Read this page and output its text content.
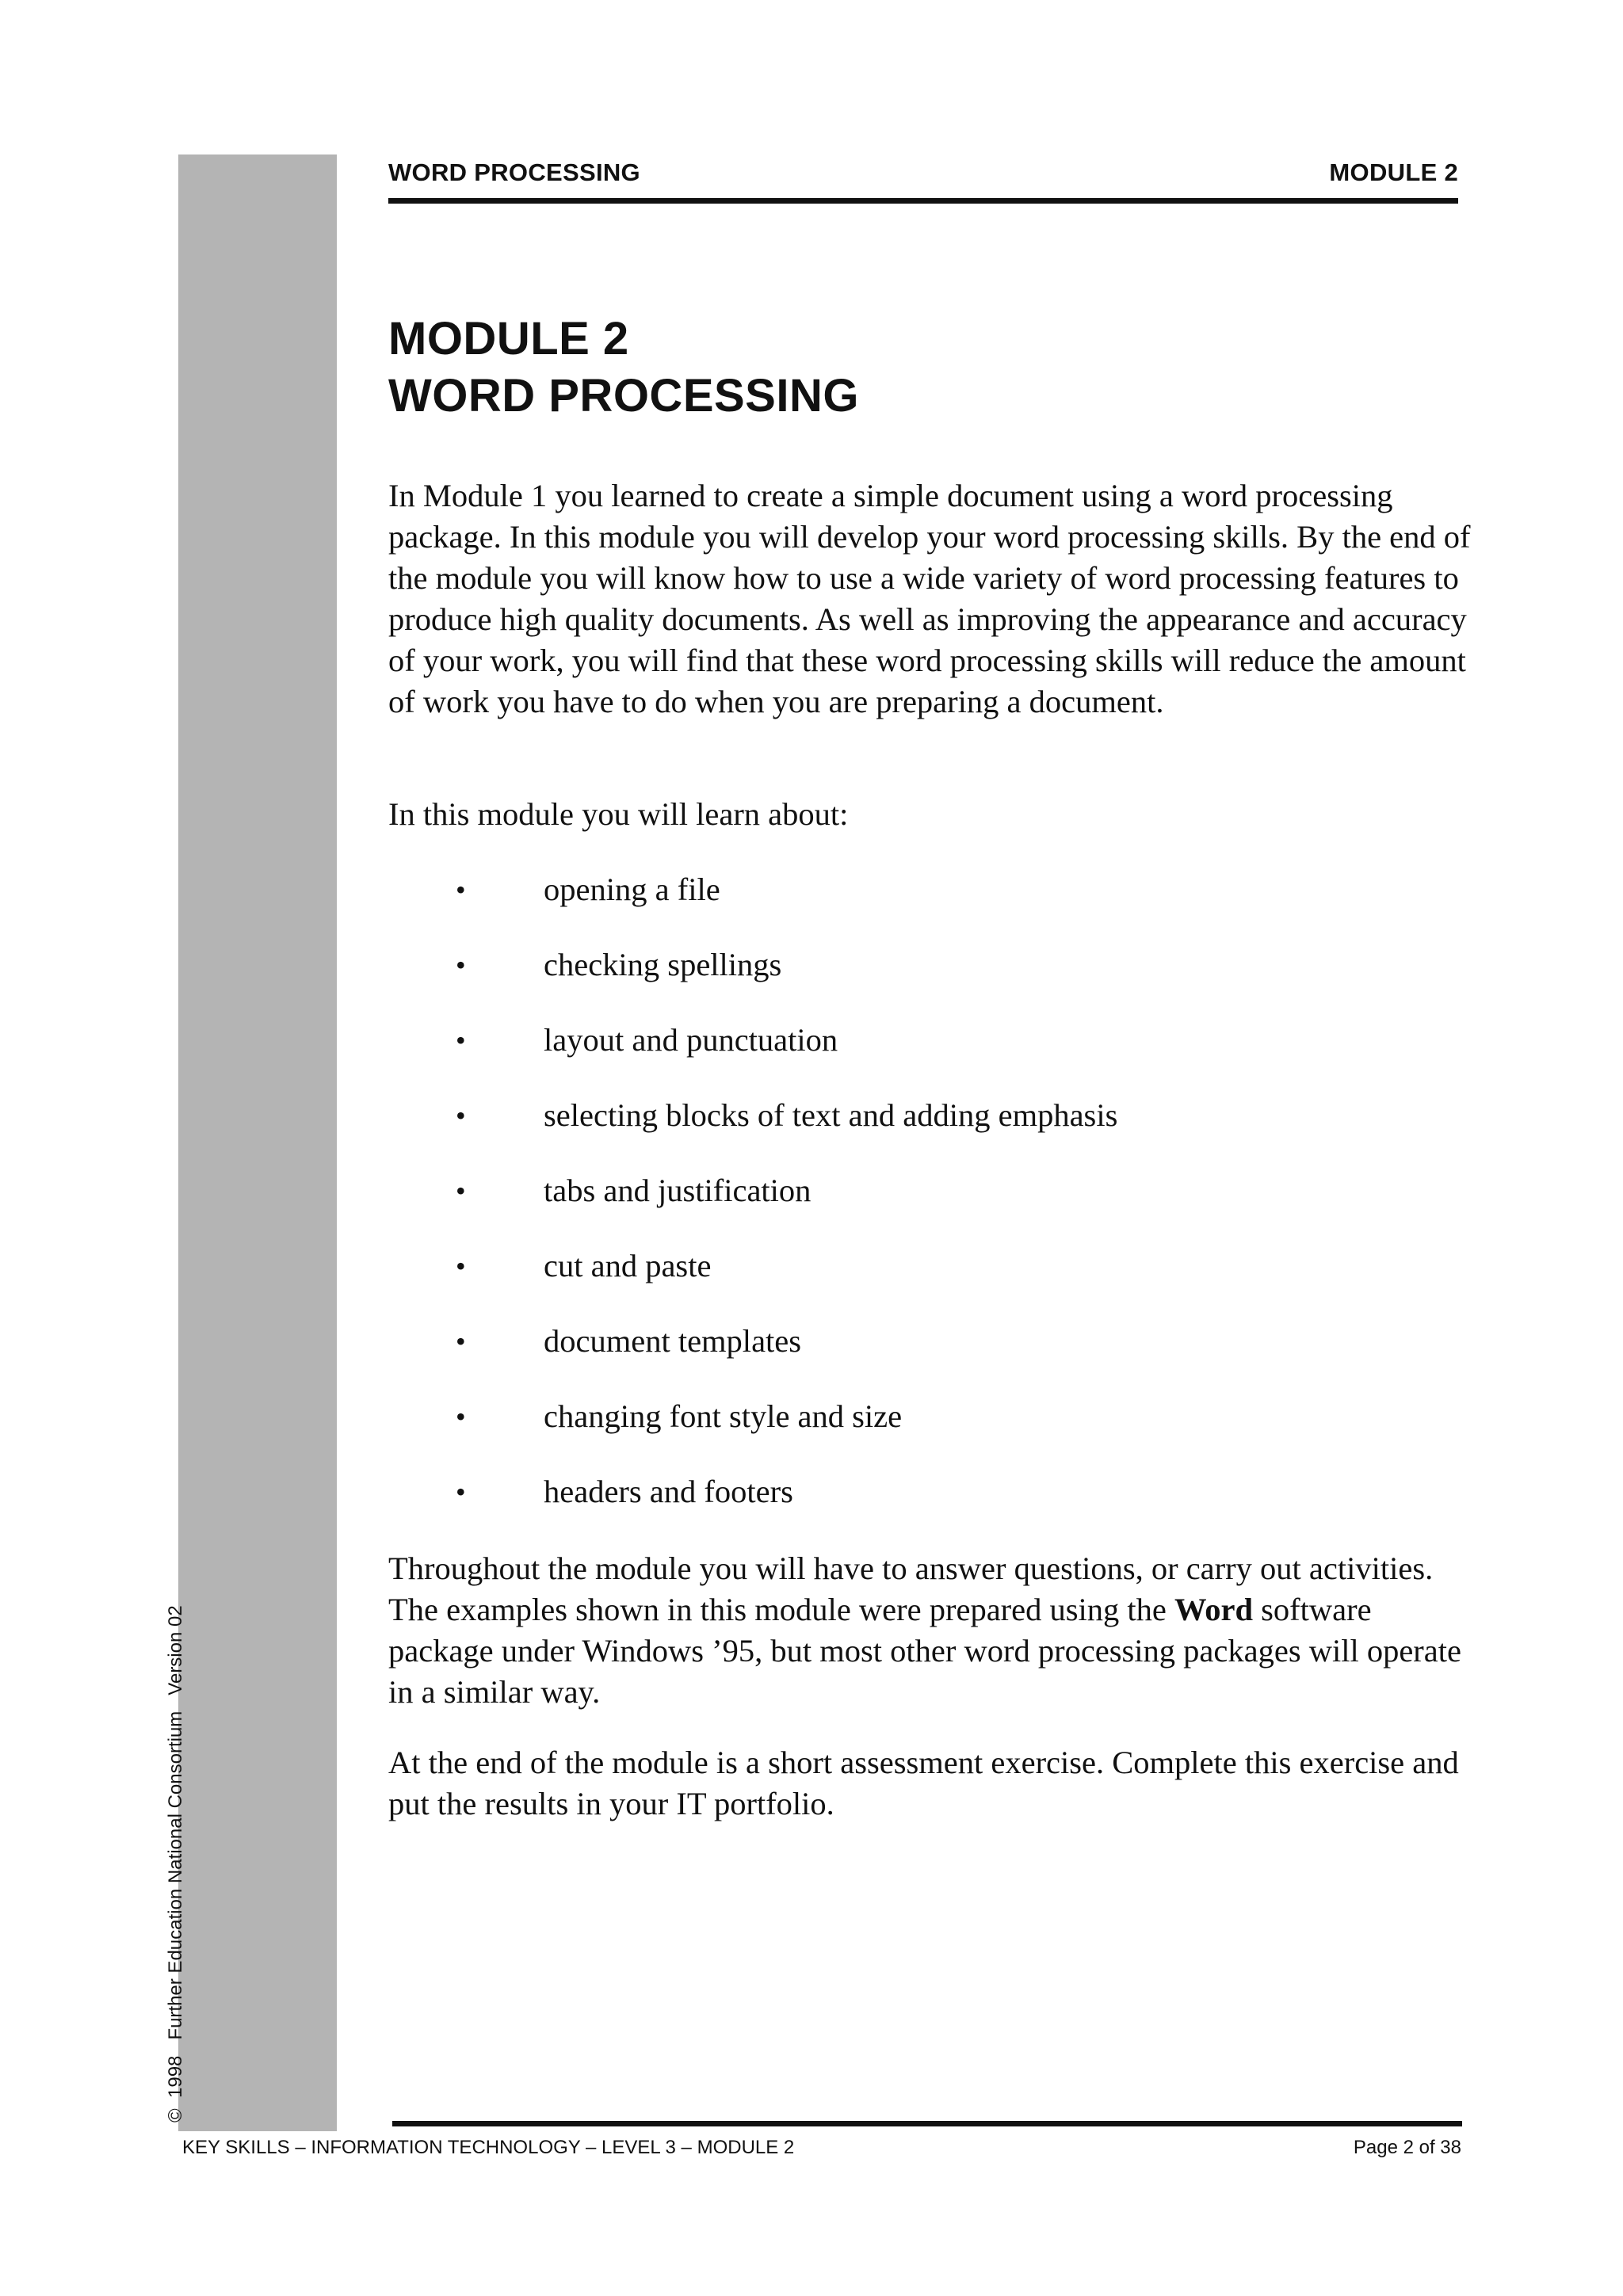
WORD PROCESSING	MODULE 2
MODULE 2
WORD PROCESSING

In Module 1 you learned to create a simple document using a word processing package. In this module you will develop your word processing skills. By the end of the module you will know how to use a wide variety of word processing features to produce high quality documents. As well as improving the appearance and accuracy of your work, you will find that these word processing skills will reduce the amount of work you have to do when you are preparing a document.

In this module you will learn about:

• opening a file
• checking spellings
• layout and punctuation
• selecting blocks of text and adding emphasis
• tabs and justification
• cut and paste
• document templates
• changing font style and size
• headers and footers

Throughout the module you will have to answer questions, or carry out activities. The examples shown in this module were prepared using the Word software package under Windows ’95, but most other word processing packages will operate in a similar way.

At the end of the module is a short assessment exercise. Complete this exercise and put the results in your IT portfolio.

KEY SKILLS – INFORMATION TECHNOLOGY – LEVEL 3 – MODULE 2	Page 2 of 38
©  1998   Further Education National Consortium   Version 02
